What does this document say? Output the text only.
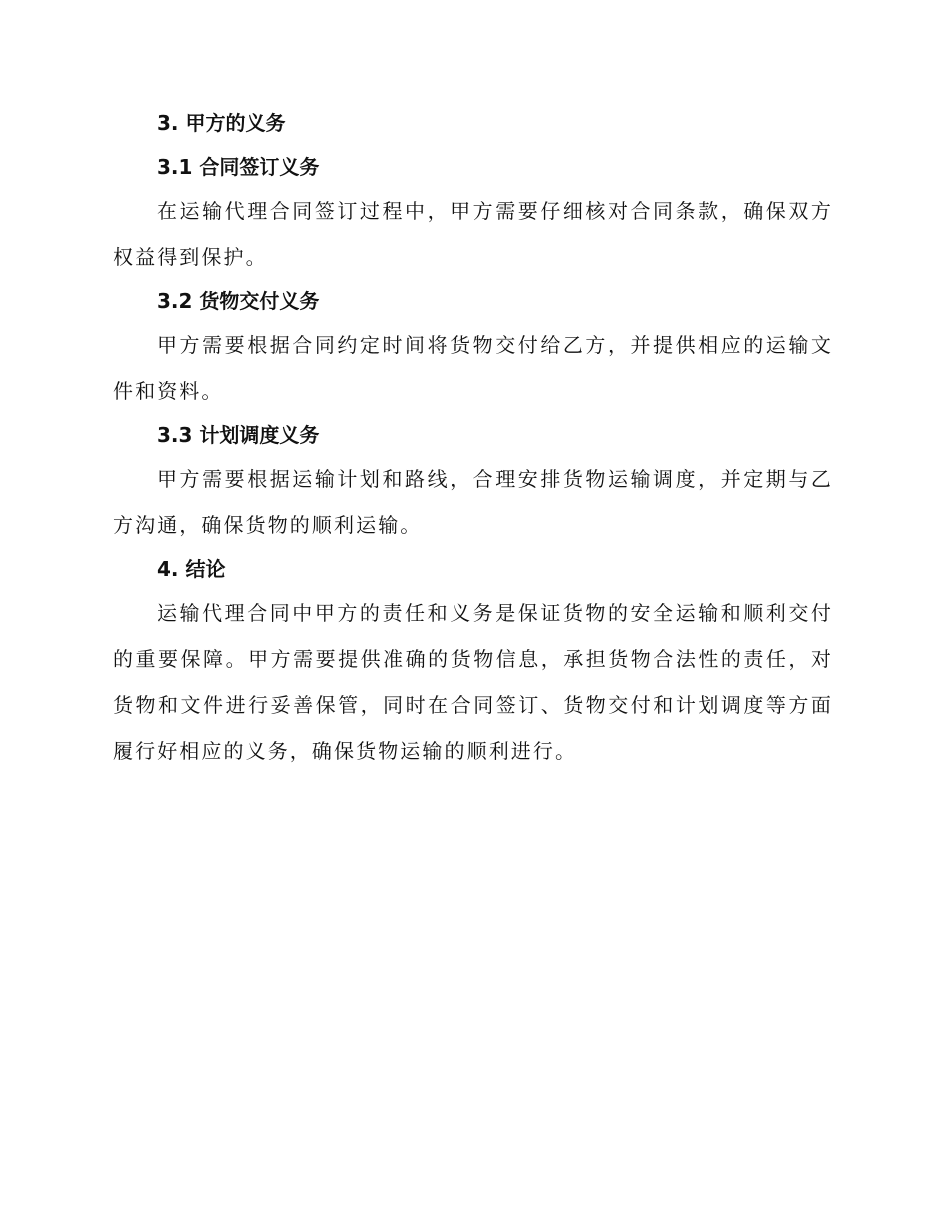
3. 甲方的义务
3.1 合同签订义务

在运输代理合同签订过程中，甲方需要仔细核对合同条款，确保双方权益得到保护。

3.2 货物交付义务

甲方需要根据合同约定时间将货物交付给乙方，并提供相应的运输文件和资料。

3.3 计划调度义务

甲方需要根据运输计划和路线，合理安排货物运输调度，并定期与乙方沟通，确保货物的顺利运输。

4. 结论

运输代理合同中甲方的责任和义务是保证货物的安全运输和顺利交付的重要保障。甲方需要提供准确的货物信息，承担货物合法性的责任，对货物和文件进行妥善保管，同时在合同签订、货物交付和计划调度等方面履行好相应的义务，确保货物运输的顺利进行。
